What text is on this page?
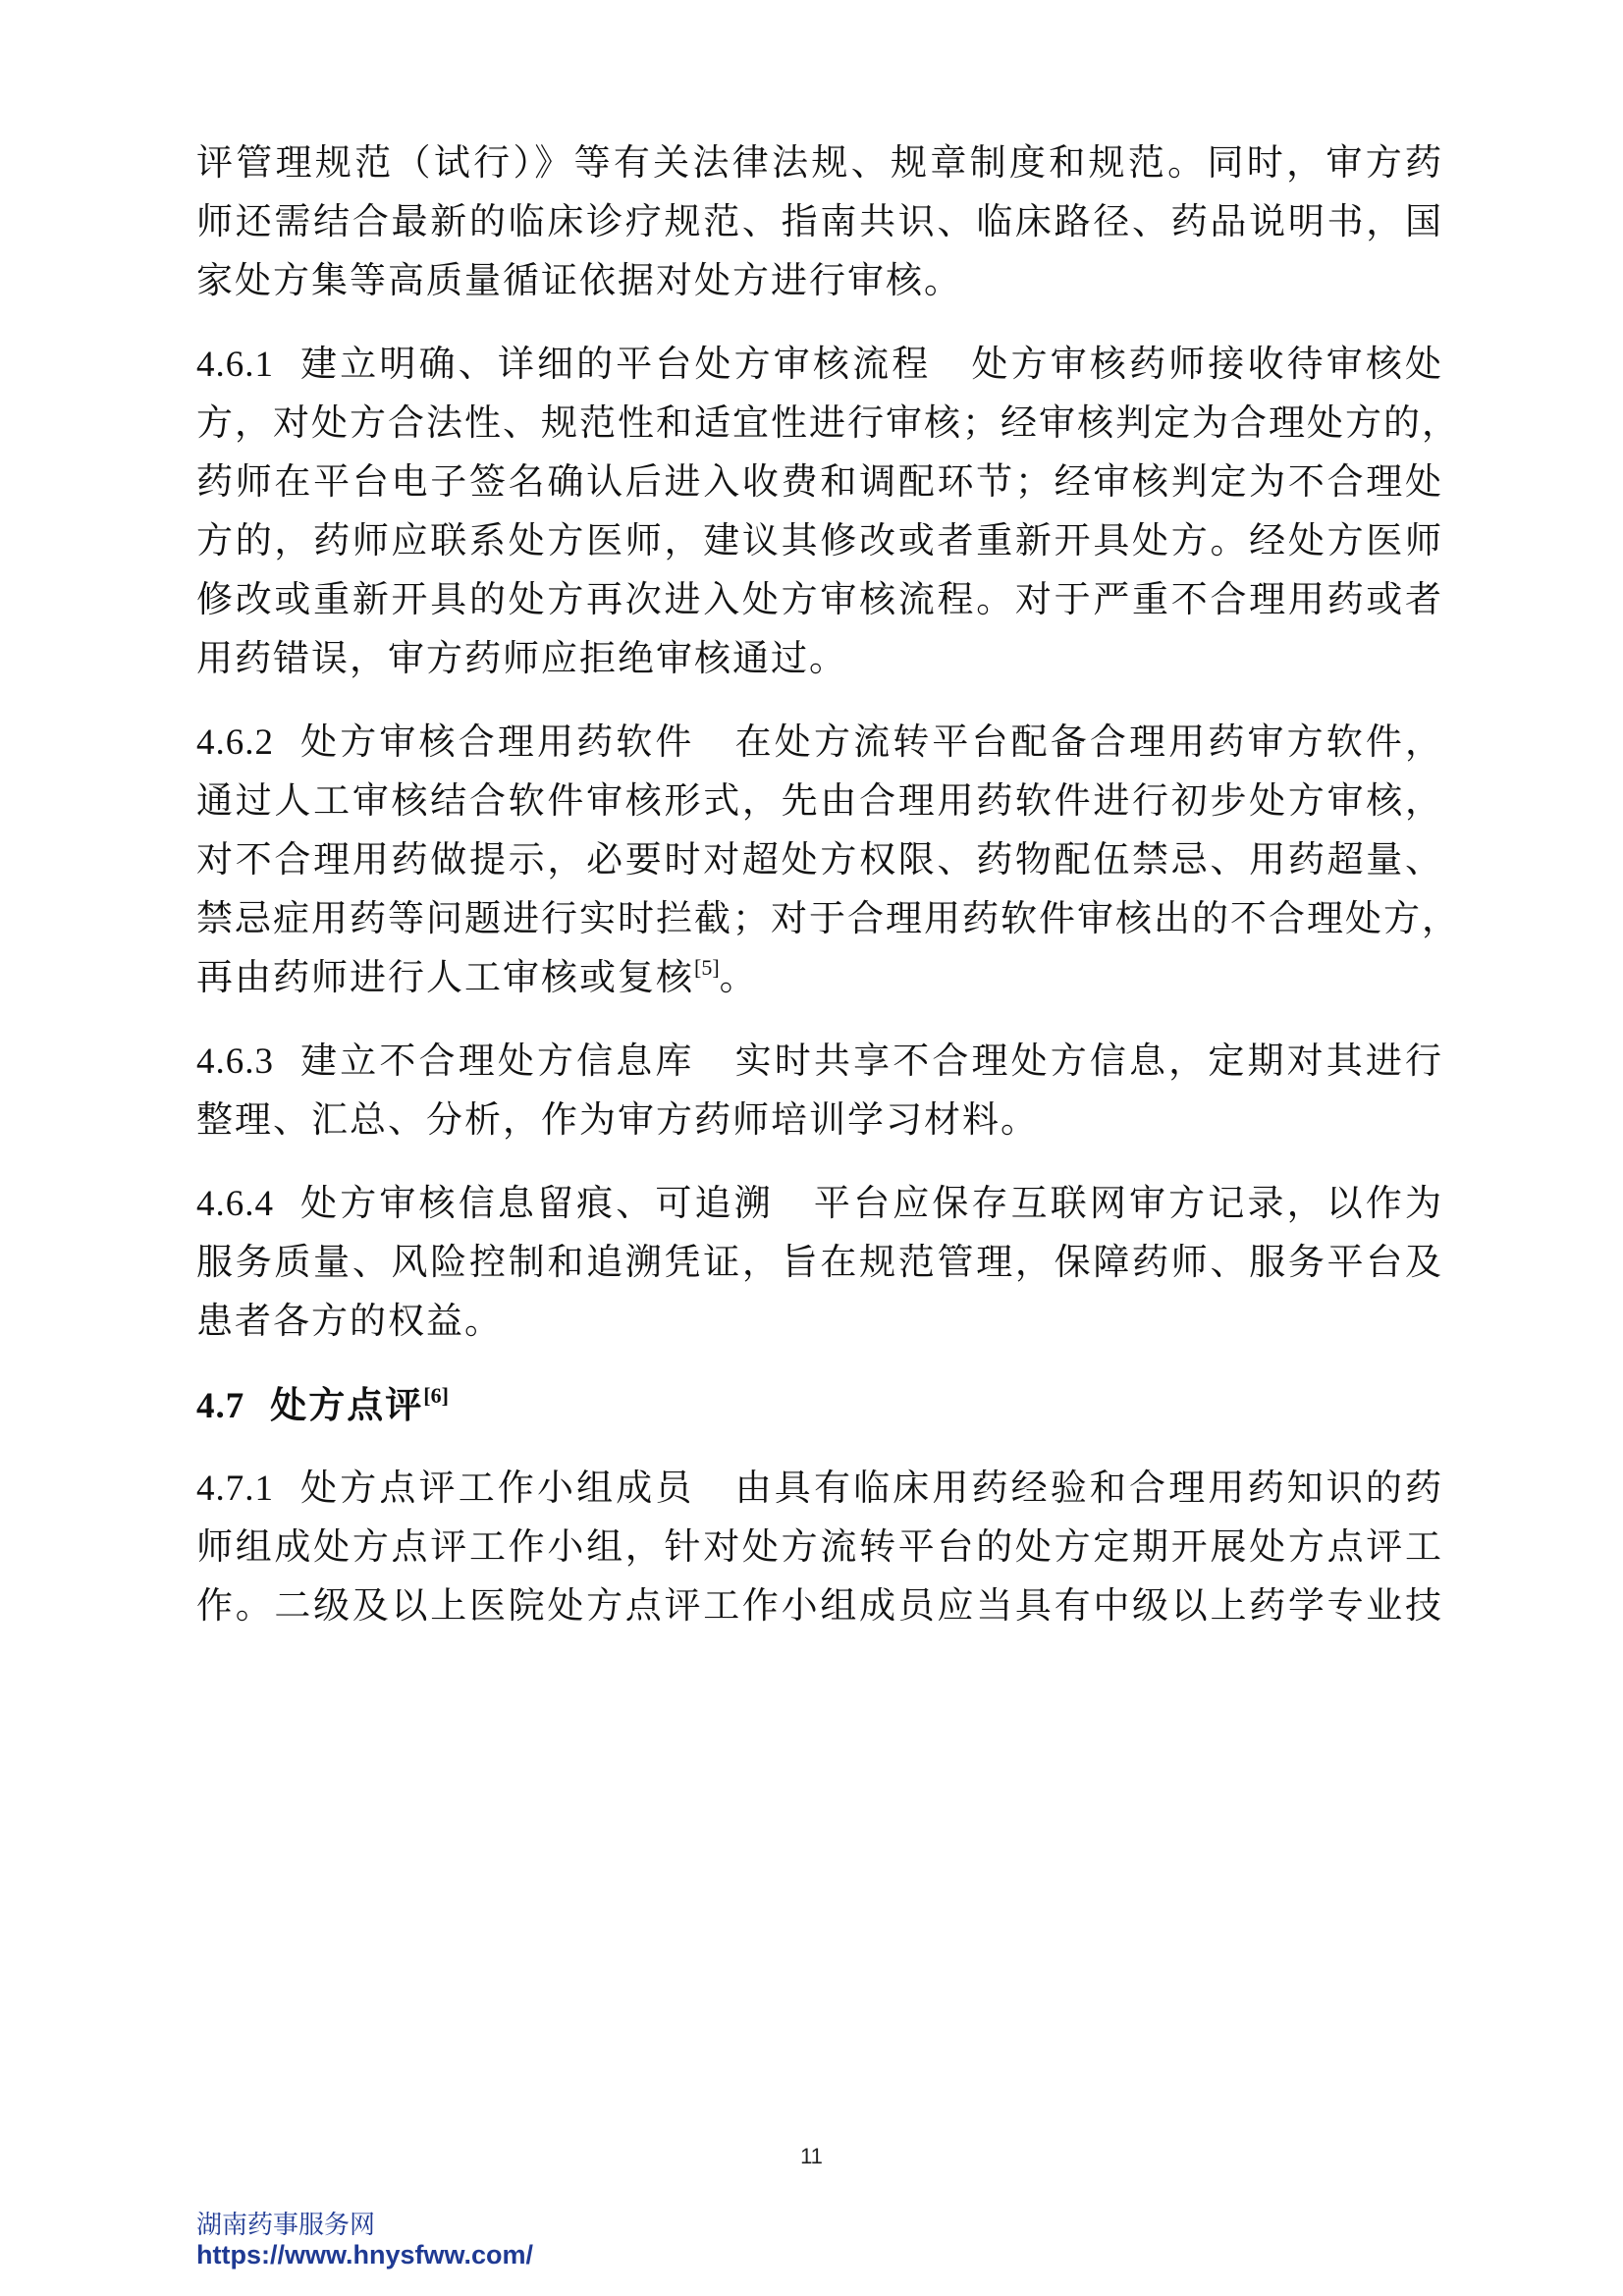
评管理规范（试行）》等有关法律法规、规章制度和规范。同时，审方药
师还需结合最新的临床诊疗规范、指南共识、临床路径、药品说明书，国
家处方集等高质量循证依据对处方进行审核。
4.6.1 建立明确、详细的平台处方审核流程 处方审核药师接收待审核处
方，对处方合法性、规范性和适宜性进行审核；经审核判定为合理处方的，
药师在平台电子签名确认后进入收费和调配环节；经审核判定为不合理处
方的，药师应联系处方医师，建议其修改或者重新开具处方。经处方医师
修改或重新开具的处方再次进入处方审核流程。对于严重不合理用药或者
用药错误，审方药师应拒绝审核通过。
4.6.2 处方审核合理用药软件 在处方流转平台配备合理用药审方软件，
通过人工审核结合软件审核形式，先由合理用药软件进行初步处方审核，
对不合理用药做提示，必要时对超处方权限、药物配伍禁忌、用药超量、
禁忌症用药等问题进行实时拦截；对于合理用药软件审核出的不合理处方，
再由药师进行人工审核或复核[5]。
4.6.3 建立不合理处方信息库 实时共享不合理处方信息，定期对其进行
整理、汇总、分析，作为审方药师培训学习材料。
4.6.4 处方审核信息留痕、可追溯 平台应保存互联网审方记录，以作为
服务质量、风险控制和追溯凭证，旨在规范管理，保障药师、服务平台及
患者各方的权益。
4.7 处方点评[6]
4.7.1 处方点评工作小组成员 由具有临床用药经验和合理用药知识的药
师组成处方点评工作小组，针对处方流转平台的处方定期开展处方点评工
作。二级及以上医院处方点评工作小组成员应当具有中级以上药学专业技
11
湖南药事服务网
https://www.hnysfww.com/
